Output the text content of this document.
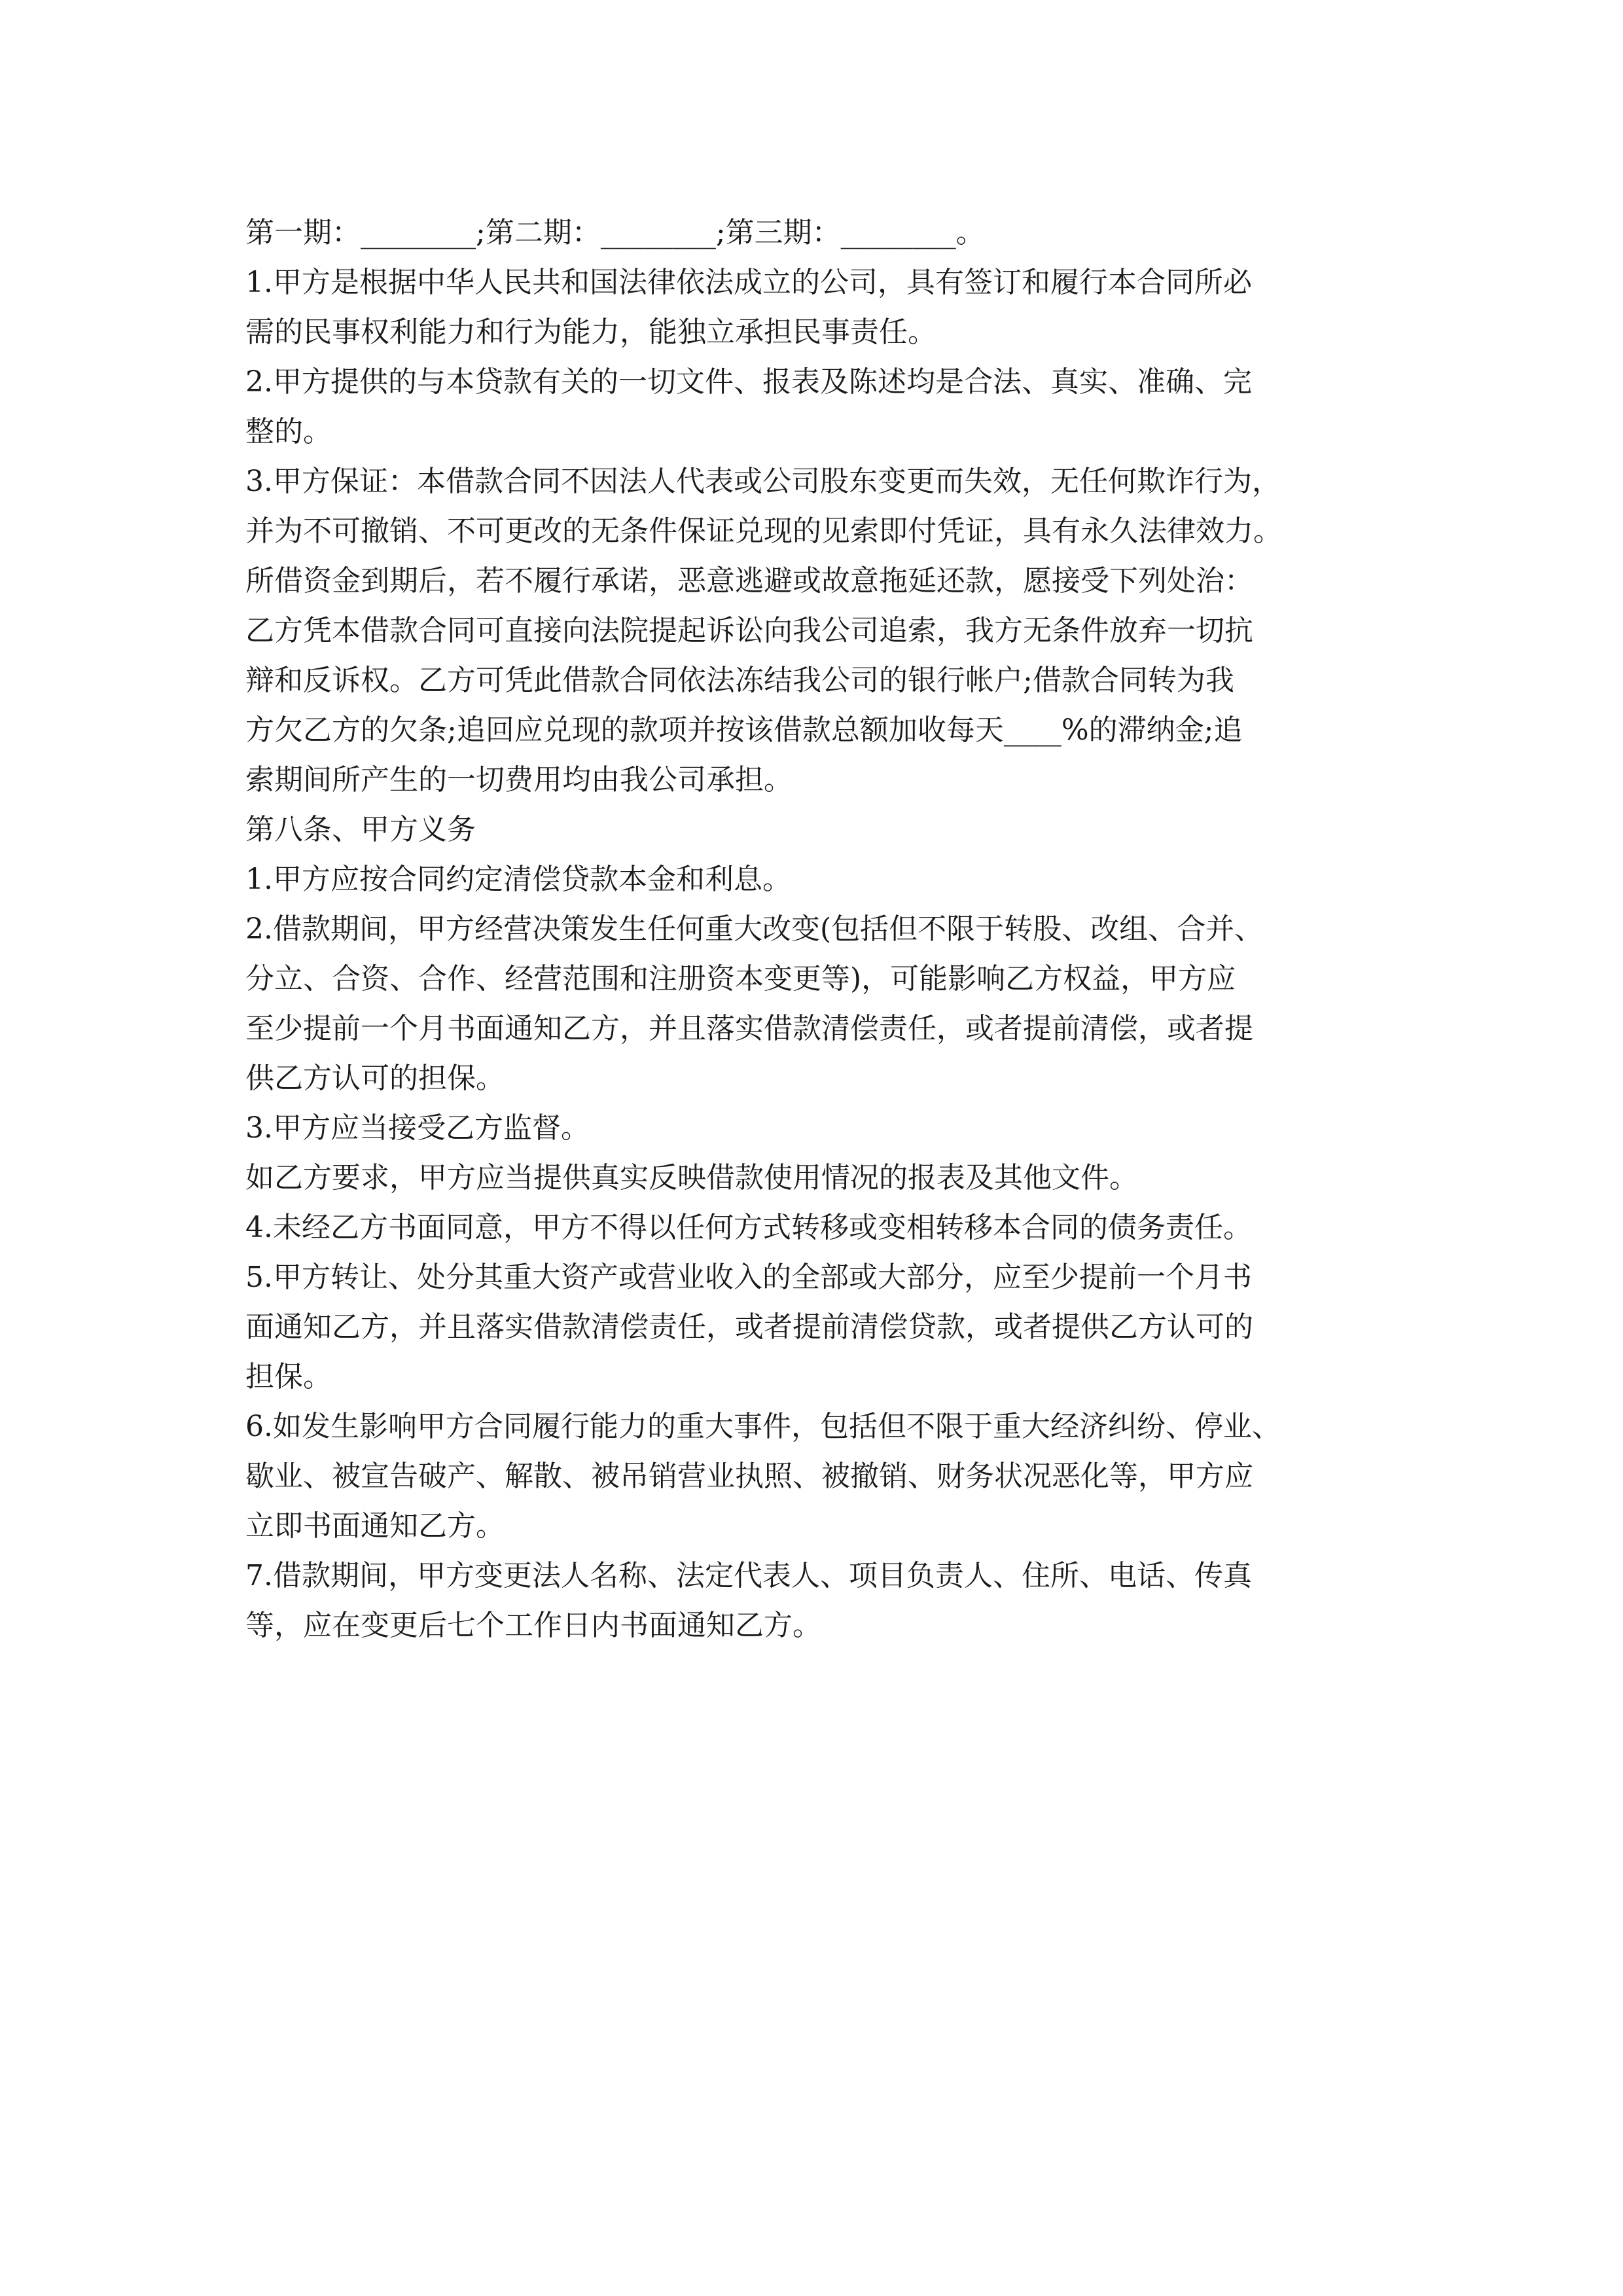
第一期：________;第二期：________;第三期：________。
1.甲方是根据中华人民共和国法律依法成立的公司，具有签订和履行本合同所必
需的民事权利能力和行为能力，能独立承担民事责任。
2.甲方提供的与本贷款有关的一切文件、报表及陈述均是合法、真实、准确、完
整的。
3.甲方保证：本借款合同不因法人代表或公司股东变更而失效，无任何欺诈行为，
并为不可撤销、不可更改的无条件保证兑现的见索即付凭证，具有永久法律效力。
所借资金到期后，若不履行承诺，恶意逃避或故意拖延还款，愿接受下列处治：
乙方凭本借款合同可直接向法院提起诉讼向我公司追索，我方无条件放弃一切抗
辩和反诉权。乙方可凭此借款合同依法冻结我公司的银行帐户;借款合同转为我
方欠乙方的欠条;追回应兑现的款项并按该借款总额加收每天____%的滞纳金;追
索期间所产生的一切费用均由我公司承担。
第八条、甲方义务
1.甲方应按合同约定清偿贷款本金和利息。
2.借款期间，甲方经营决策发生任何重大改变(包括但不限于转股、改组、合并、
分立、合资、合作、经营范围和注册资本变更等)，可能影响乙方权益，甲方应
至少提前一个月书面通知乙方，并且落实借款清偿责任，或者提前清偿，或者提
供乙方认可的担保。
3.甲方应当接受乙方监督。
如乙方要求，甲方应当提供真实反映借款使用情况的报表及其他文件。
4.未经乙方书面同意，甲方不得以任何方式转移或变相转移本合同的债务责任。
5.甲方转让、处分其重大资产或营业收入的全部或大部分，应至少提前一个月书
面通知乙方，并且落实借款清偿责任，或者提前清偿贷款，或者提供乙方认可的
担保。
6.如发生影响甲方合同履行能力的重大事件，包括但不限于重大经济纠纷、停业、
歇业、被宣告破产、解散、被吊销营业执照、被撤销、财务状况恶化等，甲方应
立即书面通知乙方。
7.借款期间，甲方变更法人名称、法定代表人、项目负责人、住所、电话、传真
等，应在变更后七个工作日内书面通知乙方。
